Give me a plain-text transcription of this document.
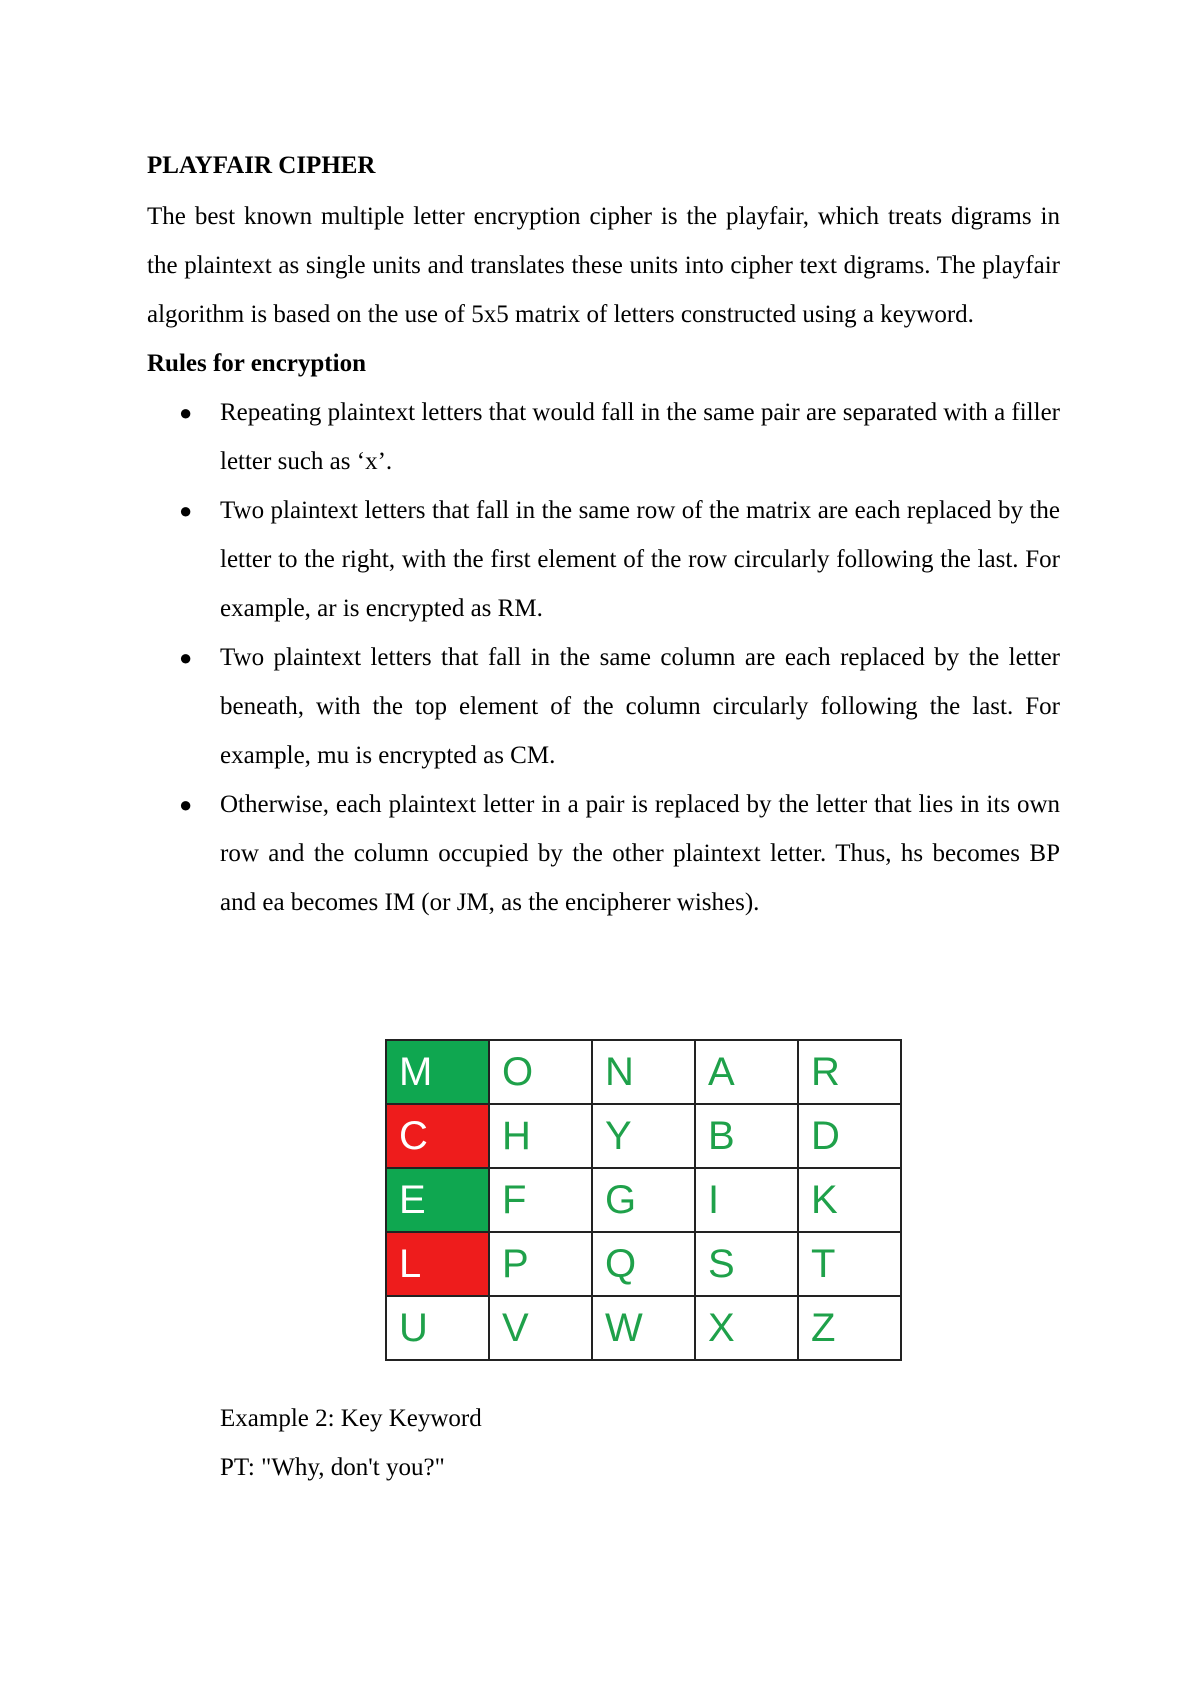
PLAYFAIR CIPHER

The best known multiple letter encryption cipher is the playfair, which treats digrams in the plaintext as single units and translates these units into cipher text digrams. The playfair algorithm is based on the use of 5x5 matrix of letters constructed using a keyword.

Rules for encryption
● Repeating plaintext letters that would fall in the same pair are separated with a filler letter such as ‘x’.
● Two plaintext letters that fall in the same row of the matrix are each replaced by the letter to the right, with the first element of the row circularly following the last. For example, ar is encrypted as RM.
● Two plaintext letters that fall in the same column are each replaced by the letter beneath, with the top element of the column circularly following the last. For example, mu is encrypted as CM.
● Otherwise, each plaintext letter in a pair is replaced by the letter that lies in its own row and the column occupied by the other plaintext letter. Thus, hs becomes BP and ea becomes IM (or JM, as the encipherer wishes).
M	O	N	A	R
C	H	Y	B	D
E	F	G	I	K
L	P	Q	S	T
U	V	W	X	Z
Example 2: Key Keyword
PT: "Why, don't you?"
